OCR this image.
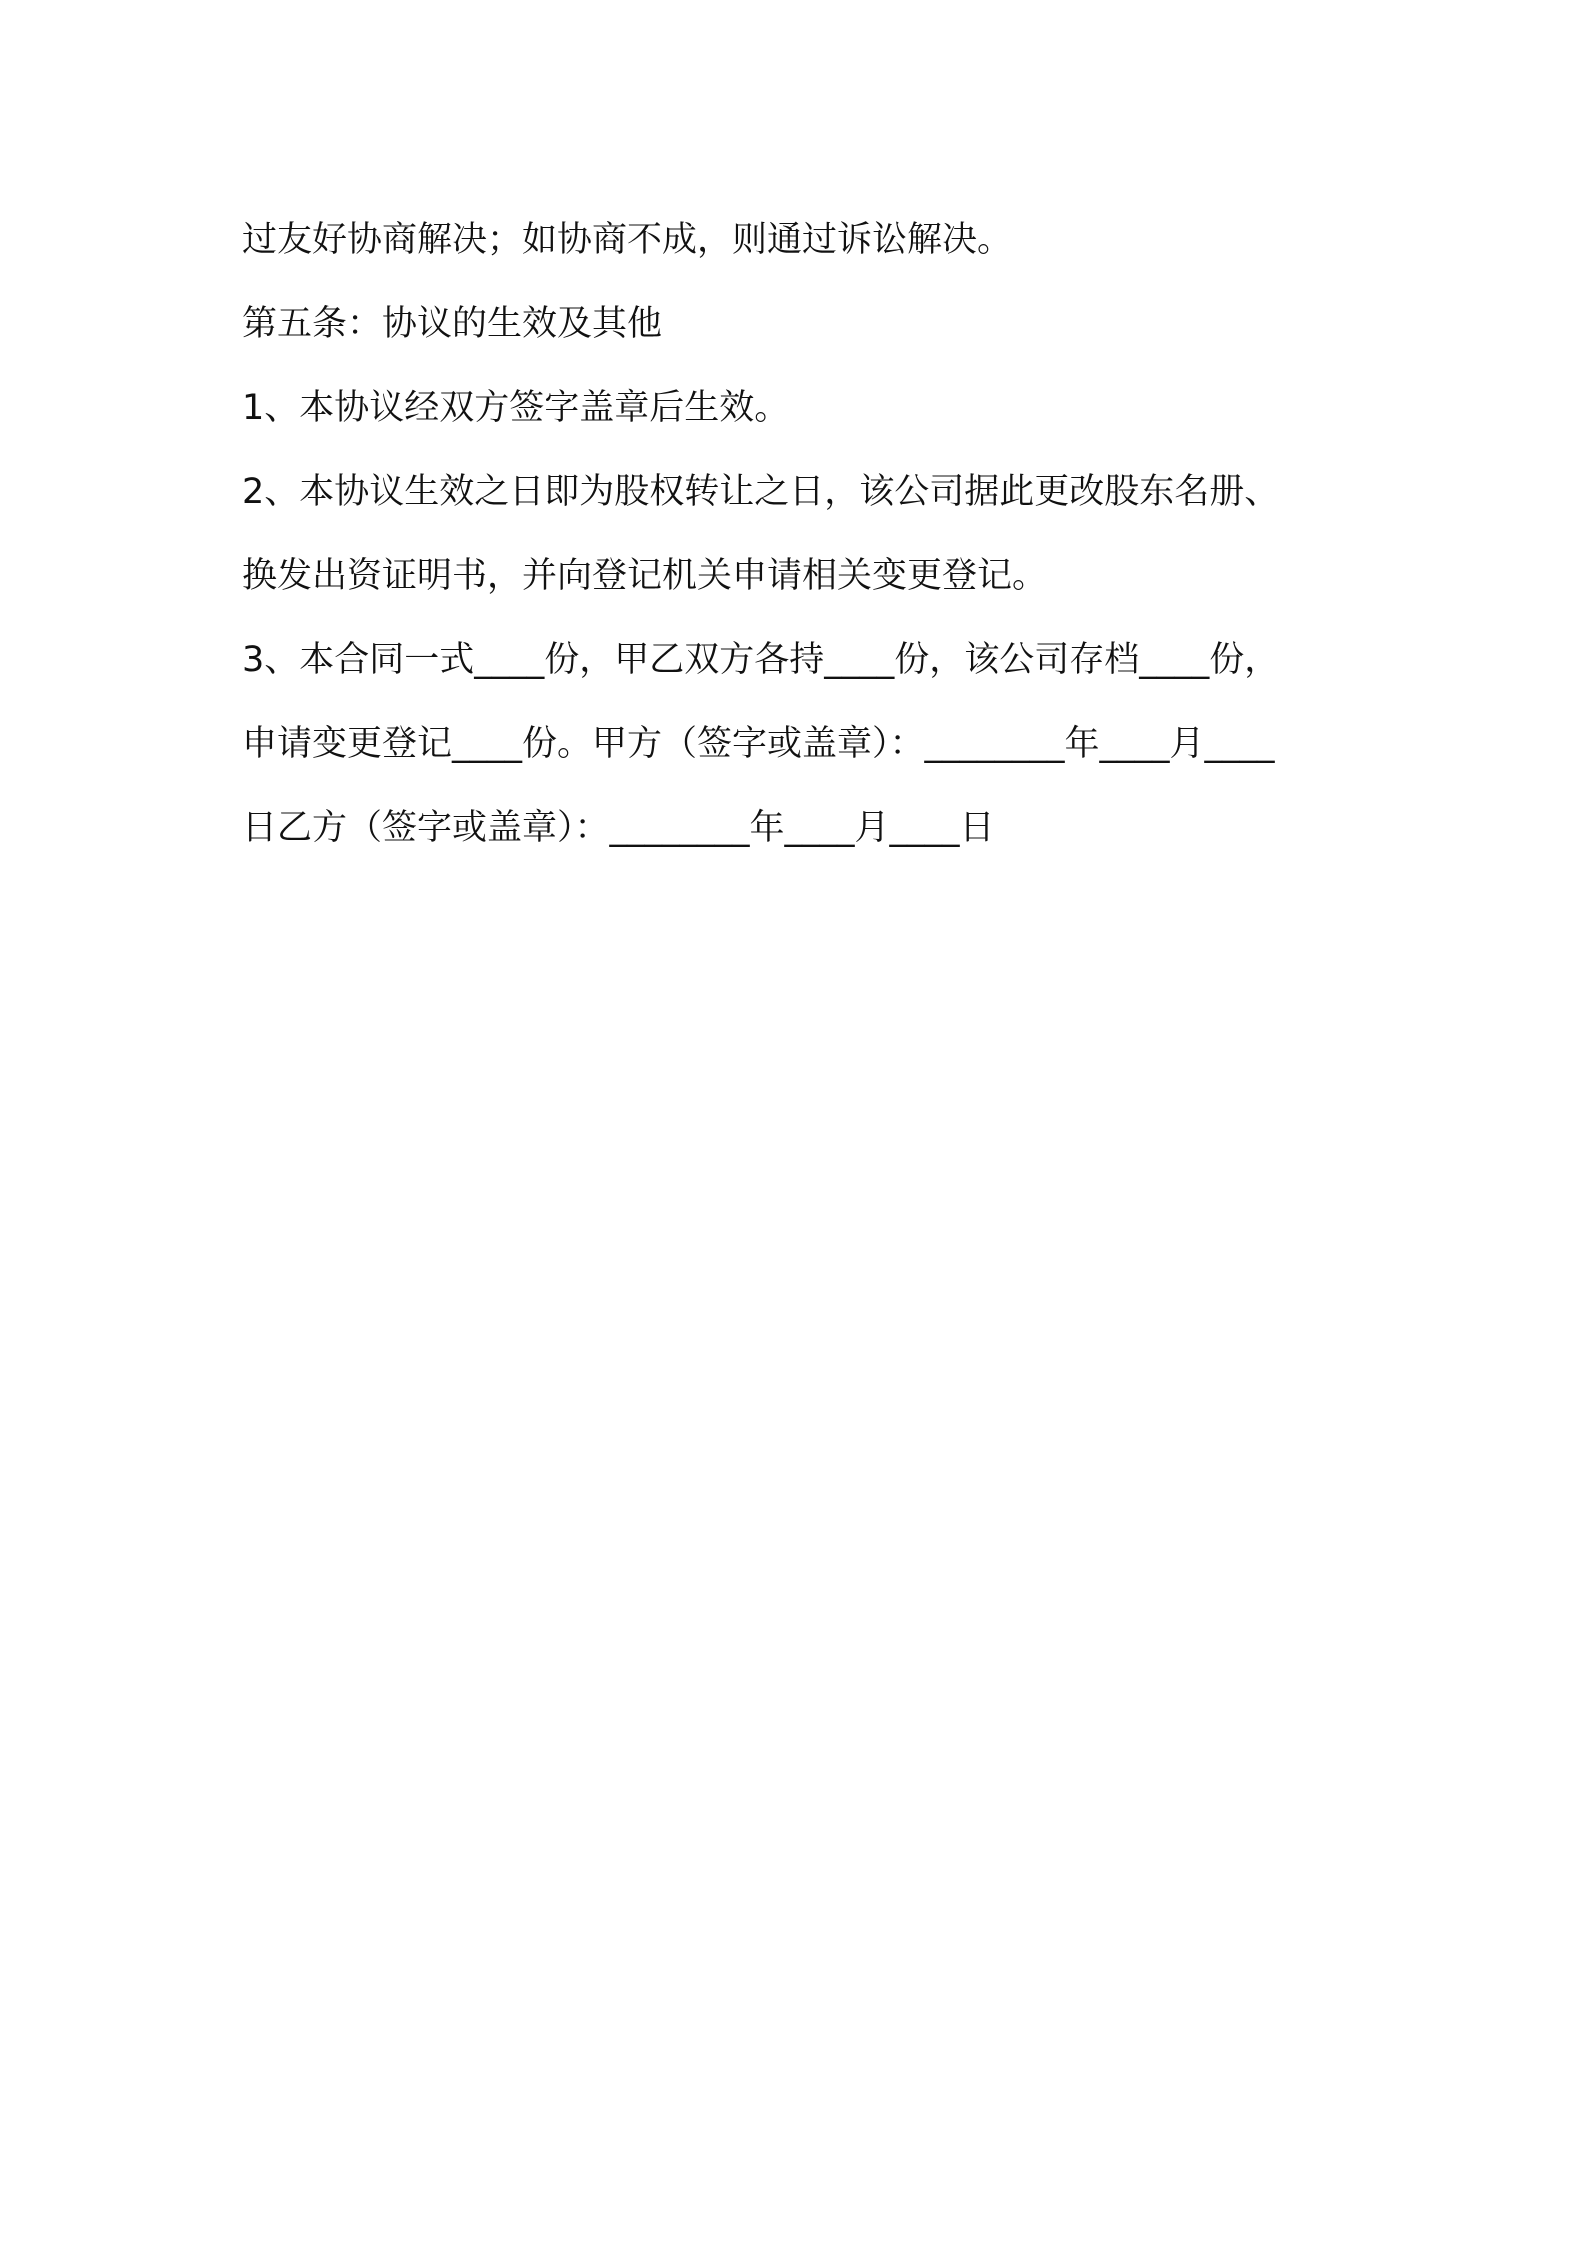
过友好协商解决；如协商不成，则通过诉讼解决。
第五条：协议的生效及其他
1、本协议经双方签字盖章后生效。
2、本协议生效之日即为股权转让之日，该公司据此更改股东名册、
换发出资证明书，并向登记机关申请相关变更登记。
3、本合同一式____份，甲乙双方各持____份，该公司存档____份，
申请变更登记____份。甲方（签字或盖章）：________年____月____
日乙方（签字或盖章）：________年____月____日
